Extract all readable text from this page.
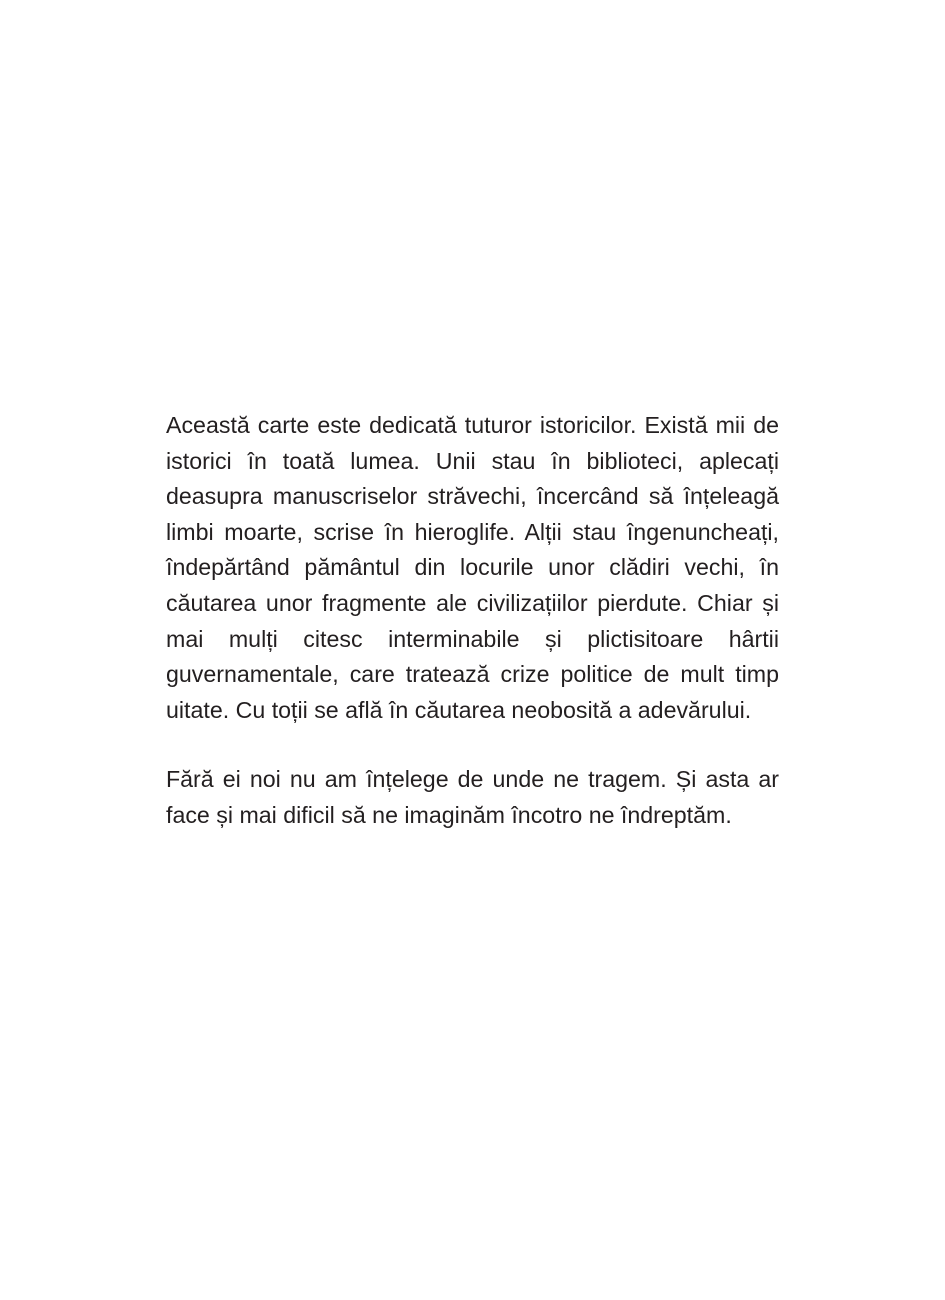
Această carte este dedicată tuturor istoricilor. Există mii de istorici în toată lumea. Unii stau în biblioteci, aplecați deasupra manuscriselor străvechi, încercând să înțeleagă limbi moarte, scrise în hieroglife. Alții stau îngenuncheați, îndepărtând pământul din locurile unor clădiri vechi, în căutarea unor fragmente ale civilizațiilor pierdute. Chiar și mai mulți citesc interminabile și plictisitoare hârtii guvernamentale, care tratează crize politice de mult timp uitate. Cu toții se află în căutarea neobosită a adevărului.

Fără ei noi nu am înțelege de unde ne tragem. Și asta ar face și mai dificil să ne imaginăm încotro ne îndreptăm.
